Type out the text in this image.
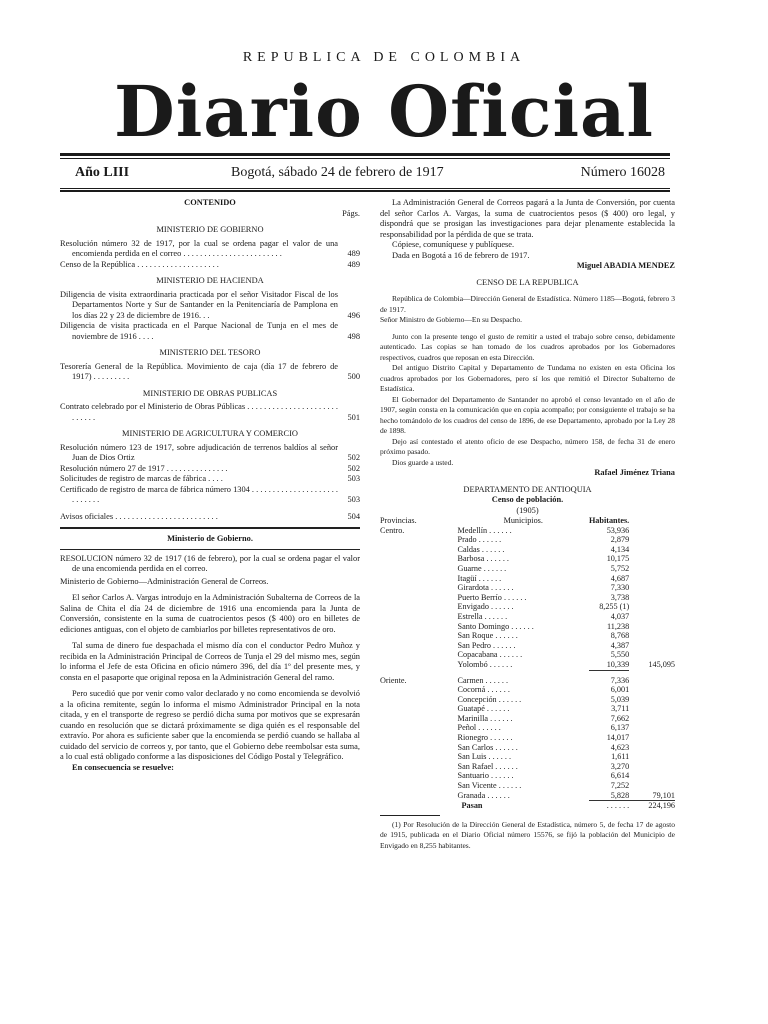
REPUBLICA DE COLOMBIA
Diario Oficial
Año LIII	Bogotá, sábado 24 de febrero de 1917	Número 16028
CONTENIDO
Págs.
MINISTERIO DE GOBIERNO
Resolución número 32 de 1917, por la cual se ordena pagar el valor de una encomienda perdida en el correo . . . . . . . . . . . . . . . . . . . . . . . .	489
Censo de la República . . . . . . . . . . . . . . . . . . . .	489
MINISTERIO DE HACIENDA
Diligencia de visita extraordinaria practicada por el señor Visitador Fiscal de los Departamentos Norte y Sur de Santander en la Penitenciaría de Pamplona en los días 22 y 23 de diciembre de 1916. . .	496
Diligencia de visita practicada en el Parque Nacional de Tunja en el mes de noviembre de 1916 . . . .	498
MINISTERIO DEL TESORO
Tesorería General de la República. Movimiento de caja (día 17 de febrero de 1917) . . . . . . . . .	500
MINISTERIO DE OBRAS PUBLICAS
Contrato celebrado por el Ministerio de Obras Públicas . . . . . . . . . . . . . . . . . . . . . . . . . . . .	501
MINISTERIO DE AGRICULTURA Y COMERCIO
Resolución número 123 de 1917, sobre adjudicación de terrenos baldíos al señor Juan de Dios Ortiz	502
Resolución número 27 de 1917 . . . . . . . . . . . . . . .	502
Solicitudes de registro de marcas de fábrica . . . .	503
Certificado de registro de marca de fábrica número 1304 . . . . . . . . . . . . . . . . . . . . . . . . . . . .	503
Avisos oficiales . . . . . . . . . . . . . . . . . . . . . . . . .	504
Ministerio de Gobierno.
RESOLUCION número 32 de 1917 (16 de febrero), por la cual se ordena pagar el valor de una encomienda perdida en el correo.
Ministerio de Gobierno—Administración General de Correos.
El señor Carlos A. Vargas introdujo en la Administración Subalterna de Correos de la Salina de Chita el día 24 de diciembre de 1916 una encomienda para la Junta de Conversión, consistente en la suma de cuatrocientos pesos ($ 400) oro en billetes de ediciones antiguas, con el objeto de cambiarlos por billetes representativos de oro.
Tal suma de dinero fue despachada el mismo día con el conductor Pedro Muñoz y recibida en la Administración Principal de Correos de Tunja el 29 del mismo mes, según lo informa el Jefe de esta Oficina en oficio número 396, del día 1º del presente mes, y consta en el pasaporte que original reposa en la Administración General del ramo.
Pero sucedió que por venir como valor declarado y no como encomienda se devolvió a la oficina remitente, según lo informa el mismo Administrador Principal en la nota citada, y en el transporte de regreso se perdió dicha suma por motivos que se expresarán cuando en resolución que se dictará próximamente se diga quién es el responsable del extravío. Por ahora es suficiente saber que la encomienda se perdió cuando se hallaba al cuidado del servicio de correos y, por tanto, que el Gobierno debe reembolsar esta suma, a lo cual está obligado conforme a las disposiciones del Código Postal y Telegráfico.
En consecuencia se resuelve:
La Administración General de Correos pagará a la Junta de Conversión, por cuenta del señor Carlos A. Vargas, la suma de cuatrocientos pesos ($ 400) oro legal, y dispondrá que se prosigan las investigaciones para dejar plenamente establecida la responsabilidad por la pérdida de que se trata.
Cópiese, comuníquese y publíquese.
Dada en Bogotá a 16 de febrero de 1917.
Miguel ABADIA MENDEZ
CENSO DE LA REPUBLICA
República de Colombia—Dirección General de Estadística. Número 1185—Bogotá, febrero 3 de 1917.
Señor Ministro de Gobierno—En su Despacho.
Junto con la presente tengo el gusto de remitir a usted el trabajo sobre censo, debidamente autenticado. Las copias se han tomado de los cuadros aprobados por los Gobernadores respectivos, cuadros que reposan en esta Dirección.
Del antiguo Distrito Capital y Departamento de Tundama no existen en esta Oficina los cuadros aprobados por los Gobernadores, pero sí los que remitió el Director Subalterno de Estadística.
El Gobernador del Departamento de Santander no aprobó el censo levantado en el año de 1907, según consta en la comunicación que en copia acompaño; por consiguiente el trabajo se ha hecho tomándolo de los cuadros del censo de 1896, de ese Departamento, aprobado por la Ley 28 de 1898.
Dejo así contestado el atento oficio de ese Despacho, número 158, de fecha 31 de enero próximo pasado.
Dios guarde a usted.
Rafael Jiménez Triana
DEPARTAMENTO DE ANTIOQUIA
Censo de población.
(1905)
Provincias.	Municipios.	Habitantes.	
Centro.	Medellín . . . . . .	53,936	
	Prado . . . . . .	2,879	
	Caldas . . . . . .	4,134	
	Barbosa . . . . . .	10,175	
	Guarne . . . . . .	5,752	
	Itagüí . . . . . .	4,687	
	Girardota . . . . . .	7,330	
	Puerto Berrío . . . . . .	3,738	
	Envigado . . . . . .	8,255 (1)	
	Estrella . . . . . .	4,037	
	Santo Domingo . . . . . .	11,238	
	San Roque . . . . . .	8,768	
	San Pedro . . . . . .	4,387	
	Copacabana . . . . . .	5,550	
	Yolombó . . . . . .	10,339	145,095

Oriente.	Carmen . . . . . .	7,336	
	Cocorná . . . . . .	6,001	
	Concepción . . . . . .	5,039	
	Guatapé . . . . . .	3,711	
	Marinilla . . . . . .	7,662	
	Peñol . . . . . .	6,137	
	Rionegro . . . . . .	14,017	
	San Carlos . . . . . .	4,623	
	San Luis . . . . . .	1,611	
	San Rafael . . . . . .	3,270	
	Santuario . . . . . .	6,614	
	San Vicente . . . . . .	7,252	
	Granada . . . . . .	5,828	79,101
	Pasan	. . . . . .	224,196
(1) Por Resolución de la Dirección General de Estadística, número 5, de fecha 17 de agosto de 1915, publicada en el Diario Oficial número 15576, se fijó la población del Municipio de Envigado en 8,255 habitantes.
